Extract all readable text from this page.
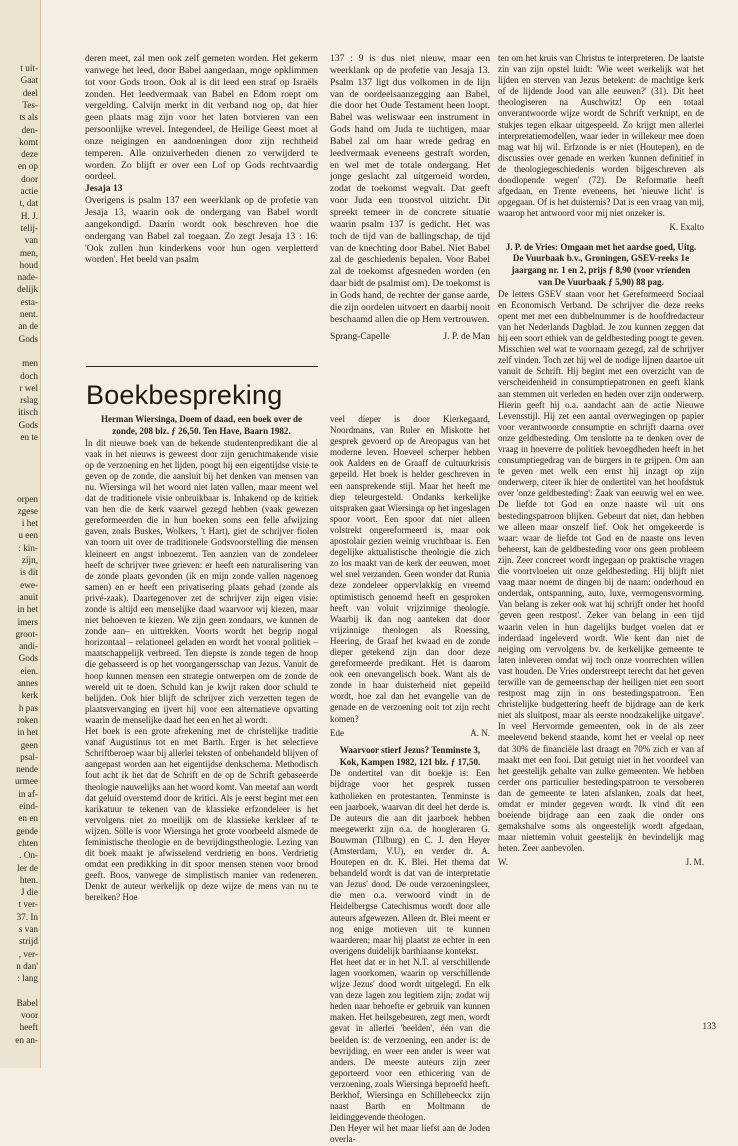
t uit-
Gaat
deel
Tes-
ts als
den-
komt
deze
en op
door
actie
t, dat
H. J.
telij-
van
men,
houd
nade-
delijk
esta-
nent.
an de
Gods
men
doch
r wel
rslag
itisch
Gods
en te
orpen
zgese
i het
u een
: kin-
zijn,
is dit
ewe-
anuit
in het
imers
groot-
andi-
Gods
eien.
annes
kerk
h pas
roken
in het
geen
psal-
nende
urmee
in af-
eind-
en en
gende
chten
. On-
ler de
hten.
J die
t ver-
37. In
s van
strijd
, ver-
n dan'
: lang
Babel
voor
heeft
en an-

deren meet, zal men ook zelf gemeten worden. Het gekerm vanwege het leed, door Babel aangedaan, moge opklimmen tot voor Gods troon. Ook al is dit leed een straf op Israëls zonden. Het leedvermaak van Babel en Edom roept om vergelding. Calvijn merkt in dit verband nog op, dat hier geen plaats mag zijn voor het laten botvieren van een persoonlijke wrevel. Integendeel, de Heilige Geest moet al onze neigingen en aandoeningen door zijn rechtheid temperen. Alle onzuiverheden dienen zo verwijderd te worden. Zo blijft er over een Lof op Gods rechtvaardig oordeel.

Jesaja 13

Overigens is psalm 137 een weerklank op de profetie van Jesaja 13, waarin ook de ondergang van Babel wordt aangekondigd. Daarin wordt ook beschreven hoe die ondergang van Babel zal toegaan. Zo zegt Jesaja 13 : 16: 'Ook zullen hun kinderkens voor hun ogen verpletterd worden'. Het beeld van psalm

137 : 9 is dus niet nieuw, maar een weerklank op de profetie van Jesaja 13. Psalm 137 ligt dus volkomen in de lijn van de oordeelsaanzegging aan Babel, die door het Oude Testament heen loopt. Babel was weliswaar een instrument in Gods hand om Juda te tuchtigen, maar Babel zal om haar wrede gedrag en leedvermaak eveneens gestraft worden, en wel met de totale ondergang. Het jonge geslacht zal uitgeroeid worden, zodat de toekomst wegvalt. Dat geeft voor Juda een troostvol uitzicht. Dit spreekt temeer in de concrete situatie waarin psalm 137 is gedicht. Het was toch de tijd van de ballingschap, de tijd van de knechting door Babel. Niet Babel zal de geschiedenis bepalen. Voor Babel zal de toekomst afgesneden worden (en daar bidt de psalmist om). De toekomst is in Gods hand, de rechter der ganse aarde, die zijn oordelen uitvoert en daarbij nooit beschaamd allen die op Hem vertrouwen.

Sprang-Capelle	J. P. de Man
Boekbespreking

Herman Wiersinga, Doem of daad, een boek over de zonde, 208 blz. ƒ 26,50. Ten Have, Baarn 1982.

In dit nieuwe boek van de bekende studentenpredikant die al vaak in het nieuws is geweest door zijn geruchtmakende visie op de verzoening en het lijden, poogt hij een eigentijdse visie te geven op de zonde, die aansluit bij het denken van mensen van nu. Wiersinga wil het woord niet laten vallen, maar meent wel dat de traditionele visie onbruikbaar is. Inhakend op de kritiek van hen die de kerk vaarwel gezegd hebben (vaak gewezen gereformeerden die in hun boeken soms een felle afwijzing gaven, zoals Buskes, Wolkers, 't Hart), giet de schrijver fiolen van toorn uit over de traditionele Godsvoorstelling die mensen kleineert en angst inboezemt. Ten aanzien van de zondeleer heeft de schrijver twee grieven: er heeft een naturalisering van de zonde plaats gevonden (ik en mijn zonde vallen nagenoeg samen) en er heeft een privatisering plaats gehad (zonde als privé-zaak). Daartegenover zet de schrijver zijn eigen visie: zonde is altijd een menselijke daad waarvoor wij kiezen, maar niet behoeven te kiezen. We zijn geen zondaars, we kunnen de zonde aan– en uittrekken. Voorts wordt het begrip nogal horizontaal – relationeel geladen en wordt het vooral politiek – maatschappelijk verbreed. Ten diepste is zonde tegen de hoop die gebasseerd is op het voorgangersschap van Jezus. Vanuit de hoop kunnen mensen een strategie ontwerpen om de zonde de wereld uit te doen. Schuld kan je kwijt raken door schuld te belijden. Ook hier blijft de schrijver zich verzetten tegen de plaatsvervanging en ijvert hij voor een alternatieve opvatting waarin de menselijke daad het een en het al wordt.
Het boek is een grote afrekening met de christelijke traditie vanaf Augustinus tot en met Barth. Erger is het selectieve Schriftberoep waar bij allerlei teksten of onbehandeld blijven of aangepast worden aan het eigentijdse denkschema. Methodisch fout acht ik het dat de Schrift en de op de Schrift gebaseerde theologie nauwelijks aan het woord komt. Van meetaf aan wordt dat geluid overstemd door de kritici. Als je eerst begint met een karikatuur te tekenen van de klassieke erfzondeleer is het vervolgens niet zo moeilijk om de klassieke kerkleer af te wijzen. Sölle is voor Wiersinga het grote voorbeeld alsmede de feministische theologie en de bevrijdingstheologie. Lezing van dit boek maakt je afwisselend verdrietig en boos. Verdrietig omdat een predikking in dit spoor mensen stenen voor brood geeft. Boos, vanwege de simplistisch manier van redeneren. Denkt de auteur werkelijk op deze wijze de mens van nu te bereiken? Hoe

veel dieper is door Kierkegaard, Noordmans, van Ruler en Miskotte het gesprek gevoerd op de Areopagus van het moderne leven. Hoeveel scherper hebben ook Aalders en de Graaff de cultuurkrisis gepeild. Het boek is helder geschreven in een aansprekende stijl. Maar het heeft me diep teleurgesteld. Ondanks kerkelijke uitspraken gaat Wiersinga op het ingeslagen spoor voort. Een spoor dat niet alleen volstrekt ongereformeerd is, maar ook apostolair gezien weinig vruchtbaar is. Een degelijke aktualistische theologie die zich zo los maakt van de kerk der eeuwen, moet wel snel verzanden. Geen wonder dat Runia deze zondeleer oppervlakkig en vreemd optimistisch genoemd heeft en gesproken heeft van voluit vrijzinnige theologie. Waarbij ik dan nog aanteken dat door vrijzinnige theologen als Roessing, Heering, de Graaf het kwaad en de zonde dieper getekend zijn dan door deze gereformeerde predikant. Het is daarom ook een onevangelisch boek. Want als de zonde in haar duisterheid niet gepeild wordt, hoe zal dan het evangelie van de genade en de verzoening ooit tot zijn recht komen?

Ede	A. N.

Waarvoor stierf Jezus? Tenminste 3, Kok, Kampen 1982, 121 blz. ƒ 17,50.

De ondertitel van dit boekje is: Een bijdrage voor het gesprek tussen katholieken en protestanten. Tenminste is een jaarboek, waarvan dit deel het derde is. De auteurs die aan dit jaarboek hebben meegewerkt zijn o.a. de hoogleraren G. Bouwman (Tilburg) en C. J. den Heyer (Amsterdam, V.U), en verder dr. A. Houtepen en dr. K. Blei. Het thema dat behandeld wordt is dat van de interpretatie van Jezus' dood. De oude verzoeningsleer, die men o.a. verwoord vindt in de Heidelbergse Catechismus wordt door alle auteurs afgewezen. Alleen dr. Blei meent er nog enige motieven uit te kunnen waarderen; maar hij plaatst ze echter in een overigens duidelijk barthiaanse kontekst.
Het heet dat er in het N.T. al verschillende lagen voorkomen, waarin op verschillende wijze Jezus' dood wordt uitgelegd. En elk van deze lagen zou legitiem zijn; zodat wij heden naar behoefte er gebruik van kunnen maken. Het heilsgebeuren, zegt men, wordt gevat in allerlei 'beelden', één van die beelden is: de verzoening, een ander is: de bevrijding, en weer een ander is weer wat anders. De meeste auteurs zijn zeer geporteerd voor een ethicering van de verzoening, zoals Wiersinga beproefd heeft. Berkhof, Wiersinga en Schillebeeckx zijn naast Barth en Moltmann de leidinggevende theologen.
Den Heyer wil het maar liefst aan de Joden overla-

ten om het kruis van Christus te interpreteren. De laatste zin van zijn opstel luidt: 'Wie weet werkelijk wat het lijden en sterven van Jezus betekent: de machtige kerk of de lijdende Jood van alle eeuwen?' (31). Dit heet theologiseren na Auschwitz! Op een totaal onverantwoorde wijze wordt de Schrift verknipt, en de stukjes tegen elkaar uitgespeeld. Zo krijgt men allerlei interpretatiemodellen, waar ieder in willekeur mee doen mag wat hij wil. Erfzonde is er niet (Houtepen), en de discussies over genade en werken 'kunnen definitief in de theologiegeschiedenis worden bijgeschreven als doodlopende wegen' (72). De Reformatie heeft afgedaan, en Trente eveneens, het 'nieuwe licht' is opgegaan. Of is het duisternis? Dat is een vraag van mij, waarop het antwoord voor mij niet onzeker is.

K. Exalto

J. P. de Vries: Omgaan met het aardse goed, Uitg. De Vuurbaak b.v., Groningen, GSEV-reeks 1e jaargang nr. 1 en 2, prijs ƒ 8,90 (voor vrienden van De Vuurbaak ƒ 5,90) 88 pag.

De letters GSEV staan voor het Gereformeerd Sociaal en Economisch Verband. De schrijver die deze reeks opent met met een dubbelnummer is de hoofdredacteur van het Nederlands Dagblad. Je zou kunnen zeggen dat hij een soort ethiek van de geldbesteding poogt te geven. Misschien wel wat te voornaam gezegd, zal de schrijver zelf vinden. Toch zet hij wel de nodige lijnen daartoe uit vanuit de Schrift. Hij begint met een overzicht van de verscheidenheid in consumptiepatronen en geeft klank aan stemmen uit verleden en heden over zijn onderwerp. Hierin geeft hij o.a. aandacht aan de actie Nieuwe Levensstijl. Hij zet een aantal overwegingen op papier voor verantwoorde consumptie en schrijft daarna over onze geldbesteding. Om tenslotte na te denken over de vraag in hoeverre de politiek bevoegdheden heeft in het consumptiegedrag van de burgers in te grijpen. Om aan te geven met welk een ernst hij inzagt op zijn onderwerp, citeer ik hier de ondertitel van het hoofdstuk over 'onze geldbesteding': Zaak van eeuwig wel en wee. De liefde tot God en onze naaste wil uit ons bestedingspatroon blijken. Gebeurt dat niet, dan hebben we alleen maar onszelf lief. Ook het omgekeerde is waar: waar de liefde tot God en de naaste ons leven beheerst, kan de geldbesteding voor ons geen probleem zijn. Zeer concreet wordt ingegaan op praktische vragen die voortvloeien uit onze geldbesteding. Hij blijft niet vaag maar noemt de dingen bij de naam: onderhoud en onderdak, ontspanning, auto, luxe, vermogensvorming. Van belang is zeker ook wat hij schrijft onder het hoofd 'geven geen restpost'. Zeker van belang in een tijd waarin velen in hun dagelijks budget voelen dat er inderdaad ingeleverd wordt. Wie kent dan niet de neiging om vervolgens bv. de kerkelijke gemeente te laten inleveren omdat wij toch onze voorrechten willen vast houden. De Vries onderstreept terecht dat het geven terwille van de gemeenschap der heiligen niet een soort restpost mag zijn in ons bestedingspatroon. 'Een christelijke budgettering heeft de bijdrage aan de kerk niet als sluitpost, maar als eerste noodzakelijke uitgave'. In veel Hervormde gemeenten, ook in de als zeer meelevend bekend staande, komt het er veelal op neer dat 30% de financiële last draagt en 70% zich er van af maakt met een fooi. Dat getuigt niet in het voordeel van het geestelijk gehalte van zulke gemeenten. We hebben cerder ons particulier bestedingspatroon te versoberen dan de gemeente te laten afslanken, zoals dat heet, omdat er minder gegeven wordt. Ik vind dit een boeiende bijdrage aan een zaak die onder ons gemakshalve soms als ongeestelijk wordt afgedaan, maar niettemin voluit geestelijk èn bevindelijk mag heten. Zeer aanbevolen.

W.	J. M.
133
